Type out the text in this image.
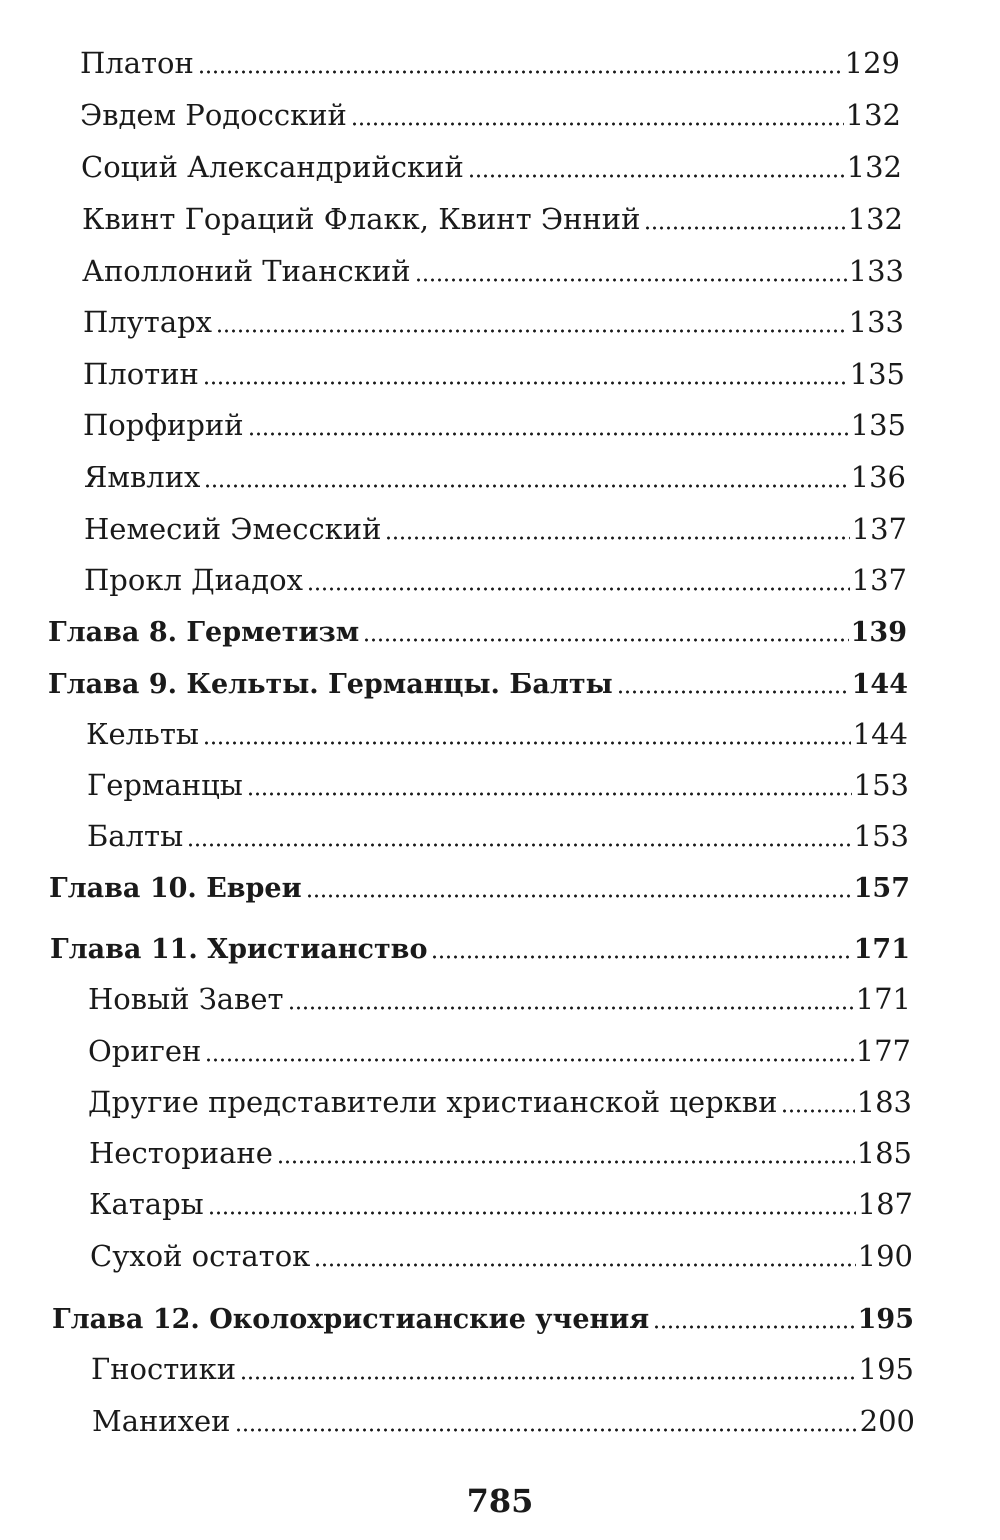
Платон	129
Эвдем Родосский	132
Соций Александрийский	132
Квинт Гораций Флакк, Квинт Энний	132
Аполлоний Тианский	133
Плутарх	133
Плотин	135
Порфирий	135
Ямвлих	136
Немесий Эмесский	137
Прокл Диадох	137
Глава 8. Герметизм	139
Глава 9. Кельты. Германцы. Балты	144
Кельты	144
Германцы	153
Балты	153
Глава 10. Евреи	157
Глава 11. Христианство	171
Новый Завет	171
Ориген	177
Другие представители христианской церкви	183
Несториане	185
Катары	187
Сухой остаток	190
Глава 12. Околохристианские учения	195
Гностики	195
Манихеи	200
785
